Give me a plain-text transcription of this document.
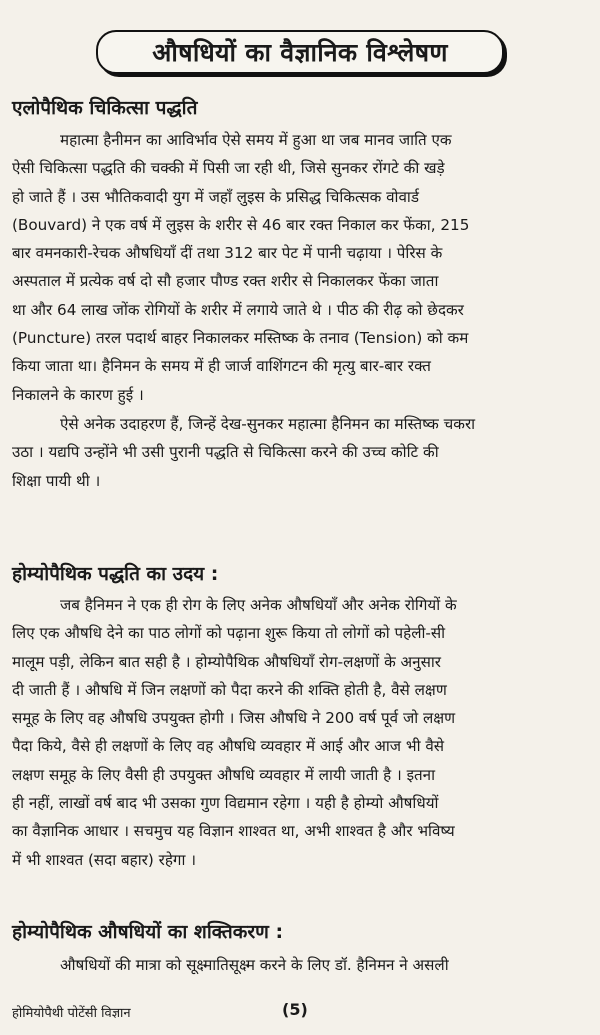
औषधियों का वैज्ञानिक विश्लेषण
एलोपैथिक चिकित्सा पद्धति
महात्मा हैनीमन का आविर्भाव ऐसे समय में हुआ था जब मानव जाति एक
ऐसी चिकित्सा पद्धति की चक्की में पिसी जा रही थी, जिसे सुनकर रोंगटे की खड़े
हो जाते हैं । उस भौतिकवादी युग में जहाँ लुइस के प्रसिद्ध चिकित्सक वोवार्ड
(Bouvard) ने एक वर्ष में लुइस के शरीर से 46 बार रक्त निकाल कर फेंका, 215
बार वमनकारी-रेचक औषधियाँ दीं तथा 312 बार पेट में पानी चढ़ाया । पेरिस के
अस्पताल में प्रत्येक वर्ष दो सौ हजार पौण्ड रक्त शरीर से निकालकर फेंका जाता
था और 64 लाख जोंक रोगियों के शरीर में लगाये जाते थे । पीठ की रीढ़ को छेदकर
(Puncture) तरल पदार्थ बाहर निकालकर मस्तिष्क के तनाव (Tension) को कम
किया जाता था। हैनिमन के समय में ही जार्ज वाशिंगटन की मृत्यु बार-बार रक्त
निकालने के कारण हुई ।
ऐसे अनेक उदाहरण हैं, जिन्हें देख-सुनकर महात्मा हैनिमन का मस्तिष्क चकरा
उठा । यद्यपि उन्होंने भी उसी पुरानी पद्धति से चिकित्सा करने की उच्च कोटि की
शिक्षा पायी थी ।
होम्योपैथिक पद्धति का उदय :
जब हैनिमन ने एक ही रोग के लिए अनेक औषधियाँ और अनेक रोगियों के
लिए एक औषधि देने का पाठ लोगों को पढ़ाना शुरू किया तो लोगों को पहेली-सी
मालूम पड़ी, लेकिन बात सही है । होम्योपैथिक औषधियाँ रोग-लक्षणों के अनुसार
दी जाती हैं । औषधि में जिन लक्षणों को पैदा करने की शक्ति होती है, वैसे लक्षण
समूह के लिए वह औषधि उपयुक्त होगी । जिस औषधि ने 200 वर्ष पूर्व जो लक्षण
पैदा किये, वैसे ही लक्षणों के लिए वह औषधि व्यवहार में आई और आज भी वैसे
लक्षण समूह के लिए वैसी ही उपयुक्त औषधि व्यवहार में लायी जाती है । इतना
ही नहीं, लाखों वर्ष बाद भी उसका गुण विद्यमान रहेगा । यही है होम्यो औषधियों
का वैज्ञानिक आधार । सचमुच यह विज्ञान शाश्वत था, अभी शाश्वत है और भविष्य
में भी शाश्वत (सदा बहार) रहेगा ।
होम्योपैथिक औषधियों का शक्तिकरण :
औषधियों की मात्रा को सूक्ष्मातिसूक्ष्म करने के लिए डॉ. हैनिमन ने असली
होमियोपैथी पोटेंसी विज्ञान	(5)
